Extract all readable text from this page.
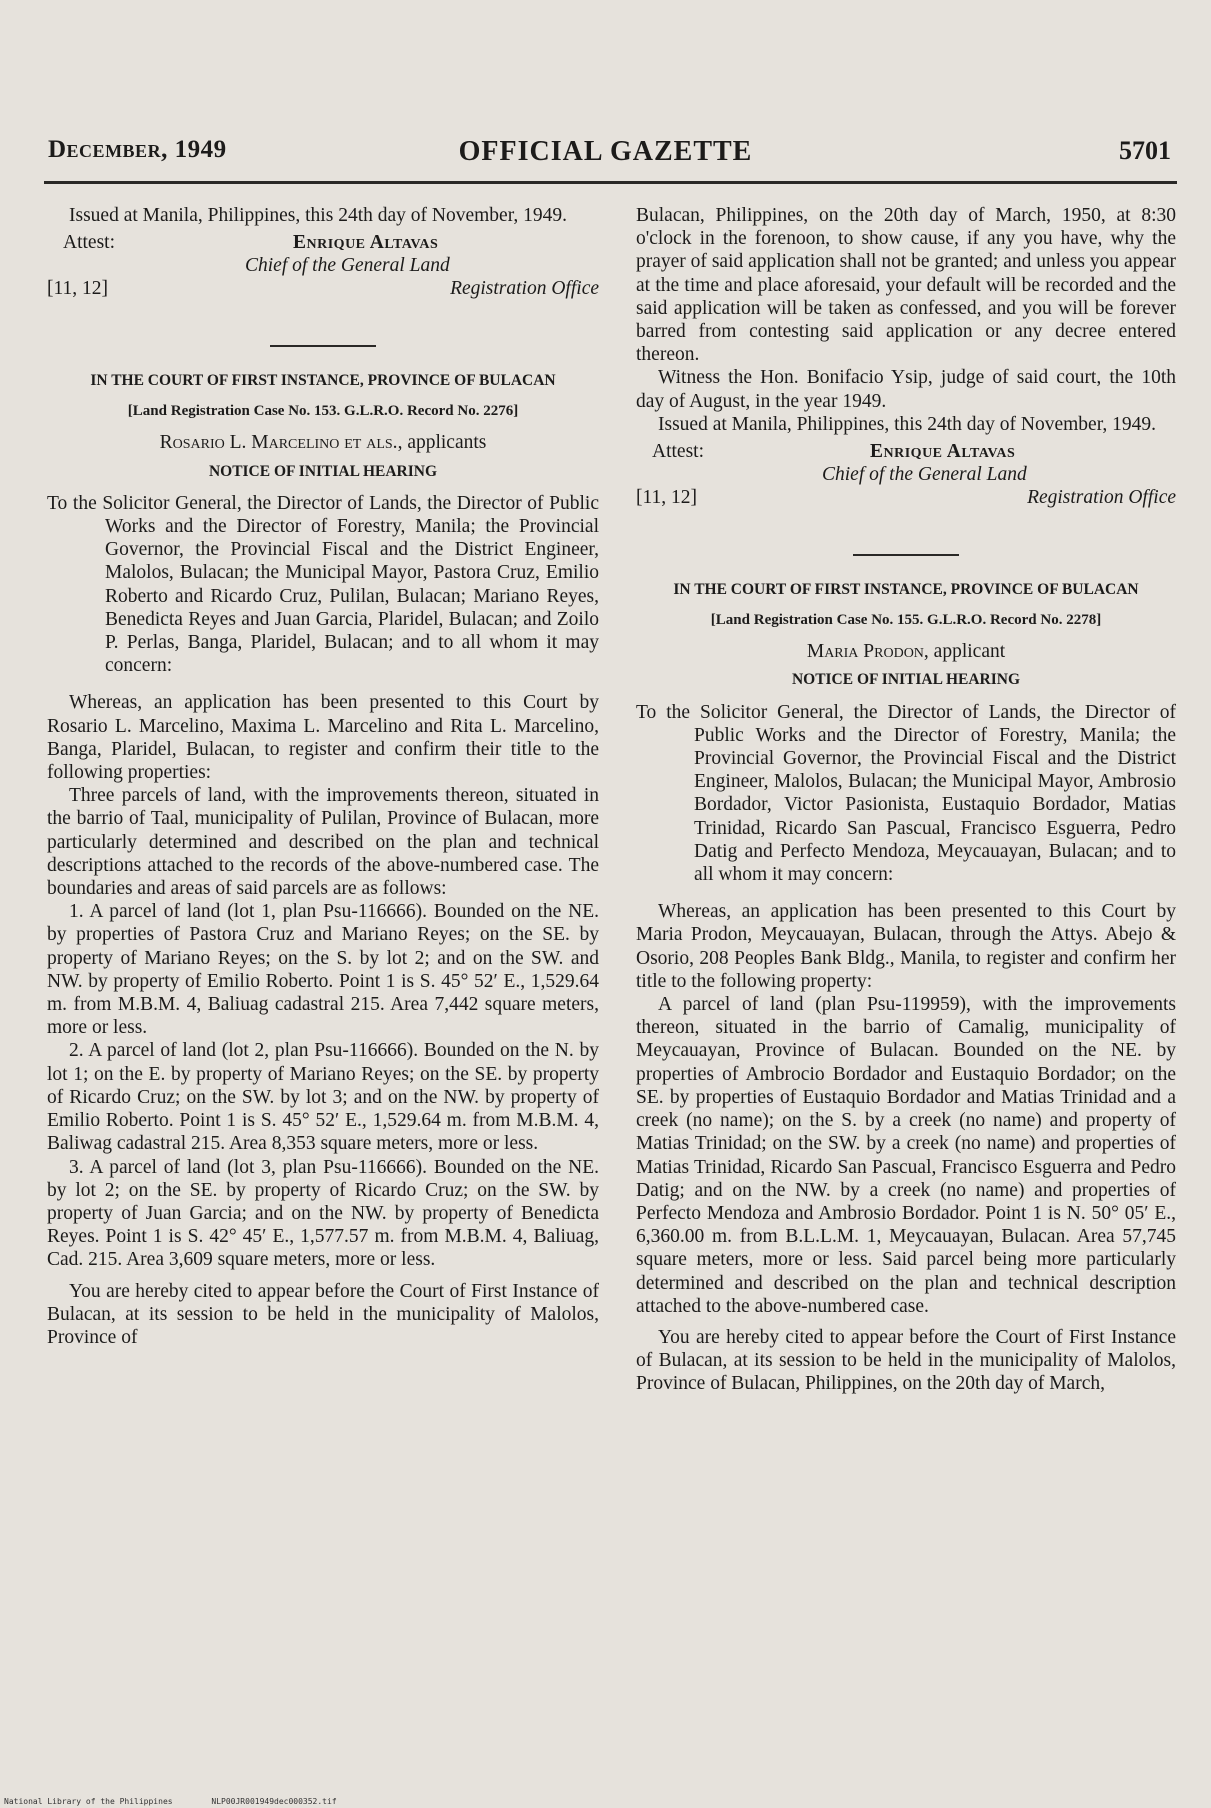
December, 1949	OFFICIAL GAZETTE	5701

Issued at Manila, Philippines, this 24th day of November, 1949.

Attest:	Enrique Altavas
Chief of the General Land
[11, 12]	Registration Office
IN THE COURT OF FIRST INSTANCE, PROVINCE OF BULACAN
[Land Registration Case No. 153. G.L.R.O. Record No. 2276]
Rosario L. Marcelino et als., applicants
NOTICE OF INITIAL HEARING

To the Solicitor General, the Director of Lands, the Director of Public Works and the Director of Forestry, Manila; the Provincial Governor, the Provincial Fiscal and the District Engineer, Malolos, Bulacan; the Municipal Mayor, Pastora Cruz, Emilio Roberto and Ricardo Cruz, Pulilan, Bulacan; Mariano Reyes, Benedicta Reyes and Juan Garcia, Plaridel, Bulacan; and Zoilo P. Perlas, Banga, Plaridel, Bulacan; and to all whom it may concern:

Whereas, an application has been presented to this Court by Rosario L. Marcelino, Maxima L. Marcelino and Rita L. Marcelino, Banga, Plaridel, Bulacan, to register and confirm their title to the following properties:

Three parcels of land, with the improvements thereon, situated in the barrio of Taal, municipality of Pulilan, Province of Bulacan, more particularly determined and described on the plan and technical descriptions attached to the records of the above-numbered case. The boundaries and areas of said parcels are as follows:

1. A parcel of land (lot 1, plan Psu-116666). Bounded on the NE. by properties of Pastora Cruz and Mariano Reyes; on the SE. by property of Mariano Reyes; on the S. by lot 2; and on the SW. and NW. by property of Emilio Roberto. Point 1 is S. 45° 52′ E., 1,529.64 m. from M.B.M. 4, Baliuag cadastral 215. Area 7,442 square meters, more or less.

2. A parcel of land (lot 2, plan Psu-116666). Bounded on the N. by lot 1; on the E. by property of Mariano Reyes; on the SE. by property of Ricardo Cruz; on the SW. by lot 3; and on the NW. by property of Emilio Roberto. Point 1 is S. 45° 52′ E., 1,529.64 m. from M.B.M. 4, Baliwag cadastral 215. Area 8,353 square meters, more or less.

3. A parcel of land (lot 3, plan Psu-116666). Bounded on the NE. by lot 2; on the SE. by property of Ricardo Cruz; on the SW. by property of Juan Garcia; and on the NW. by property of Benedicta Reyes. Point 1 is S. 42° 45′ E., 1,577.57 m. from M.B.M. 4, Baliuag, Cad. 215. Area 3,609 square meters, more or less.

You are hereby cited to appear before the Court of First Instance of Bulacan, at its session to be held in the municipality of Malolos, Province of

Bulacan, Philippines, on the 20th day of March, 1950, at 8:30 o'clock in the forenoon, to show cause, if any you have, why the prayer of said application shall not be granted; and unless you appear at the time and place aforesaid, your default will be recorded and the said application will be taken as confessed, and you will be forever barred from contesting said application or any decree entered thereon.

Witness the Hon. Bonifacio Ysip, judge of said court, the 10th day of August, in the year 1949.

Issued at Manila, Philippines, this 24th day of November, 1949.

Attest:	Enrique Altavas
Chief of the General Land
[11, 12]	Registration Office
IN THE COURT OF FIRST INSTANCE, PROVINCE OF BULACAN
[Land Registration Case No. 155. G.L.R.O. Record No. 2278]
Maria Prodon, applicant
NOTICE OF INITIAL HEARING

To the Solicitor General, the Director of Lands, the Director of Public Works and the Director of Forestry, Manila; the Provincial Governor, the Provincial Fiscal and the District Engineer, Malolos, Bulacan; the Municipal Mayor, Ambrosio Bordador, Victor Pasionista, Eustaquio Bordador, Matias Trinidad, Ricardo San Pascual, Francisco Esguerra, Pedro Datig and Perfecto Mendoza, Meycauayan, Bulacan; and to all whom it may concern:

Whereas, an application has been presented to this Court by Maria Prodon, Meycauayan, Bulacan, through the Attys. Abejo & Osorio, 208 Peoples Bank Bldg., Manila, to register and confirm her title to the following property:

A parcel of land (plan Psu-119959), with the improvements thereon, situated in the barrio of Camalig, municipality of Meycauayan, Province of Bulacan. Bounded on the NE. by properties of Ambrocio Bordador and Eustaquio Bordador; on the SE. by properties of Eustaquio Bordador and Matias Trinidad and a creek (no name); on the S. by a creek (no name) and property of Matias Trinidad; on the SW. by a creek (no name) and properties of Matias Trinidad, Ricardo San Pascual, Francisco Esguerra and Pedro Datig; and on the NW. by a creek (no name) and properties of Perfecto Mendoza and Ambrosio Bordador. Point 1 is N. 50° 05′ E., 6,360.00 m. from B.L.L.M. 1, Meycauayan, Bulacan. Area 57,745 square meters, more or less. Said parcel being more particularly determined and described on the plan and technical description attached to the above-numbered case.

You are hereby cited to appear before the Court of First Instance of Bulacan, at its session to be held in the municipality of Malolos, Province of Bulacan, Philippines, on the 20th day of March,

National Library of the Philippines	NLP00JR001949dec000352.tif
